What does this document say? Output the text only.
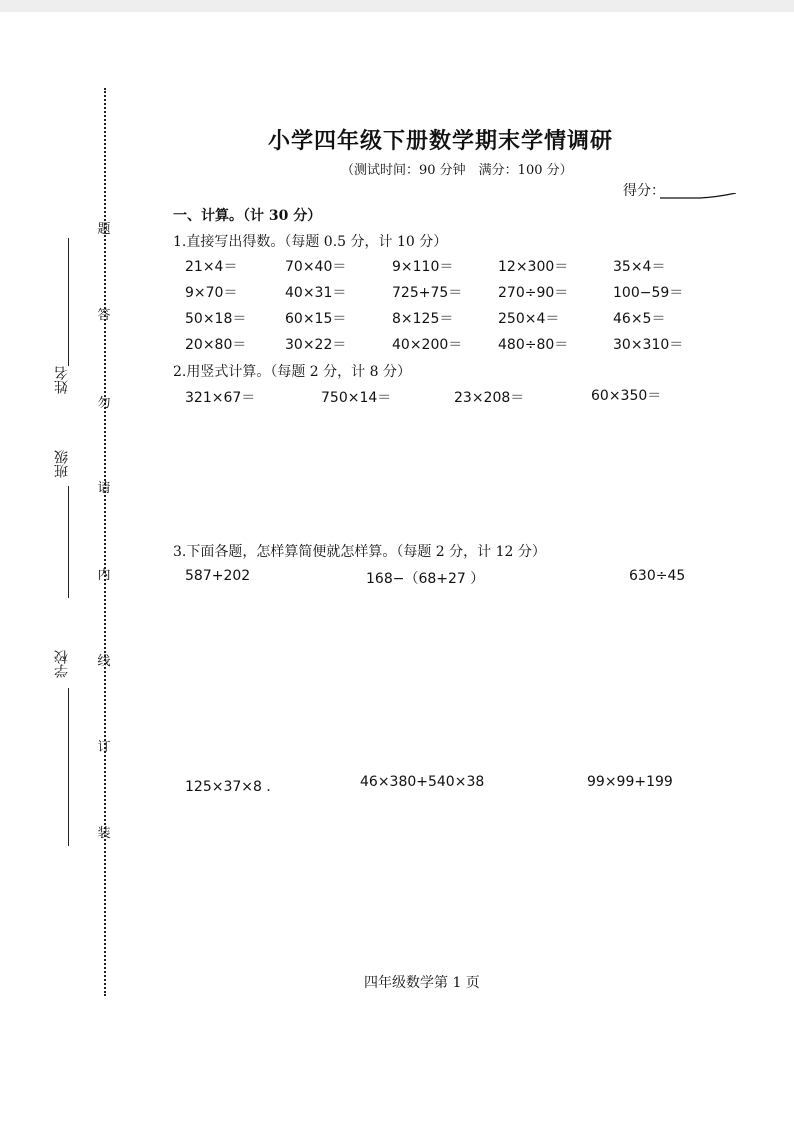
题
答
勿
请
内
线
订
装
姓名
班级
学校
小学四年级下册数学期末学情调研
（测试时间：90 分钟　满分：100 分）
得分：
一、计算。（计 30 分）
1.直接写出得数。（每题 0.5 分，计 10 分）
21×4＝	70×40＝	9×110＝	12×300＝	35×4＝
9×70＝	40×31＝	725+75＝	270÷90＝	100−59＝
50×18＝	60×15＝	8×125＝	250×4＝	46×5＝
20×80＝	30×22＝	40×200＝	480÷80＝	30×310＝
2.用竖式计算。（每题 2 分，计 8 分）
321×67＝	750×14＝	23×208＝	60×350＝
3.下面各题，怎样算简便就怎样算。（每题 2 分，计 12 分）
587+202	168−（68+27 ）	630÷45
125×37×8 ．	46×380+540×38	99×99+199
四年级数学第 1 页
